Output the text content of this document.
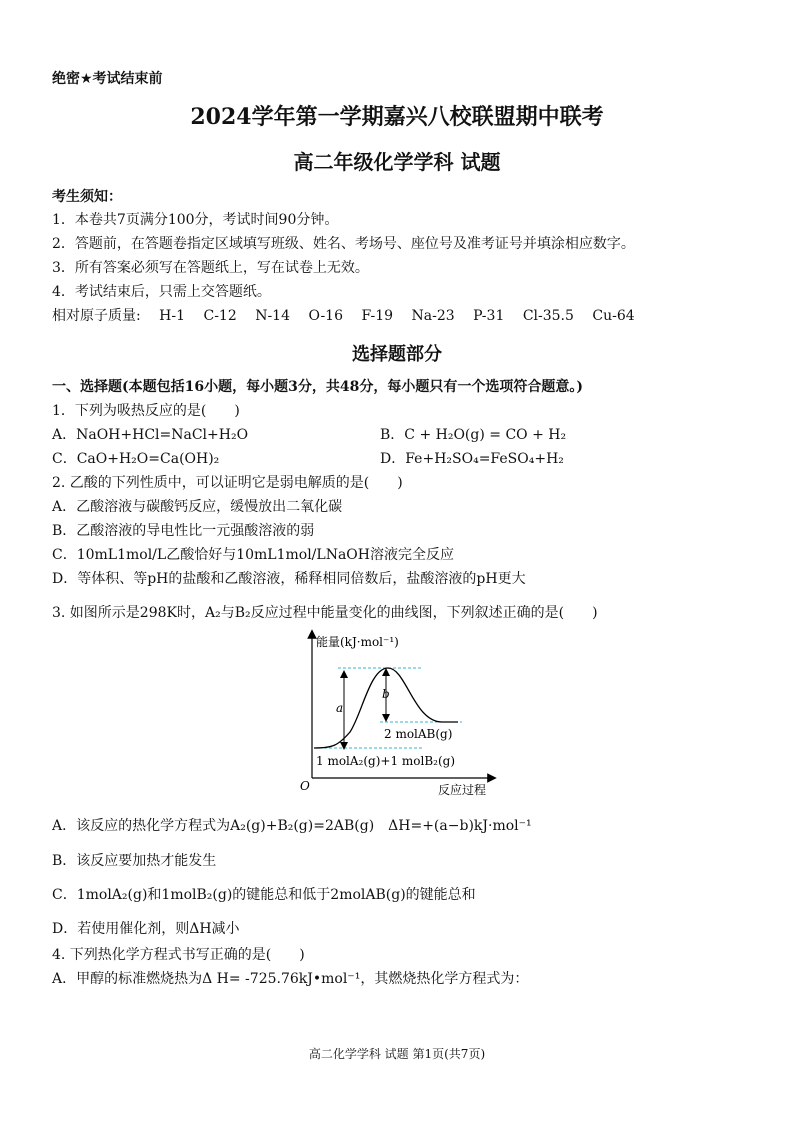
绝密★考试结束前
2024学年第一学期嘉兴八校联盟期中联考
高二年级化学学科 试题
考生须知：
1．本卷共7页满分100分，考试时间90分钟。
2．答题前，在答题卷指定区域填写班级、姓名、考场号、座位号及准考证号并填涂相应数字。
3．所有答案必须写在答题纸上，写在试卷上无效。
4．考试结束后，只需上交答题纸。
相对原子质量: H-1 C-12 N-14 O-16 F-19 Na-23 P-31 Cl-35.5 Cu-64
选择题部分
一、选择题(本题包括16小题，每小题3分，共48分，每小题只有一个选项符合题意。)
1．下列为吸热反应的是(　　)
A．NaOH+HCl=NaCl+H₂O	B．C + H₂O(g) = CO + H₂
C．CaO+H₂O=Ca(OH)₂	D．Fe+H₂SO₄=FeSO₄+H₂
2. 乙酸的下列性质中，可以证明它是弱电解质的是(　　)
A．乙酸溶液与碳酸钙反应，缓慢放出二氧化碳
B．乙酸溶液的导电性比一元强酸溶液的弱
C．10mL1mol/L乙酸恰好与10mL1mol/LNaOH溶液完全反应
D．等体积、等pH的盐酸和乙酸溶液，稀释相同倍数后，盐酸溶液的pH更大
3. 如图所示是298K时，A₂与B₂反应过程中能量变化的曲线图，下列叙述正确的是(　　)
能量(kJ·mol⁻¹)
a
b
2 molAB(g)
1 molA₂(g)+1 molB₂(g)
O	反应过程
A．该反应的热化学方程式为A₂(g)+B₂(g)=2AB(g)　ΔH=+(a−b)kJ·mol⁻¹
B．该反应要加热才能发生
C．1molA₂(g)和1molB₂(g)的键能总和低于2molAB(g)的键能总和
D．若使用催化剂，则ΔH减小
4. 下列热化学方程式书写正确的是(　　)
A．甲醇的标准燃烧热为Δ H= -725.76kJ•mol⁻¹，其燃烧热化学方程式为：
高二化学学科 试题 第1页(共7页)
